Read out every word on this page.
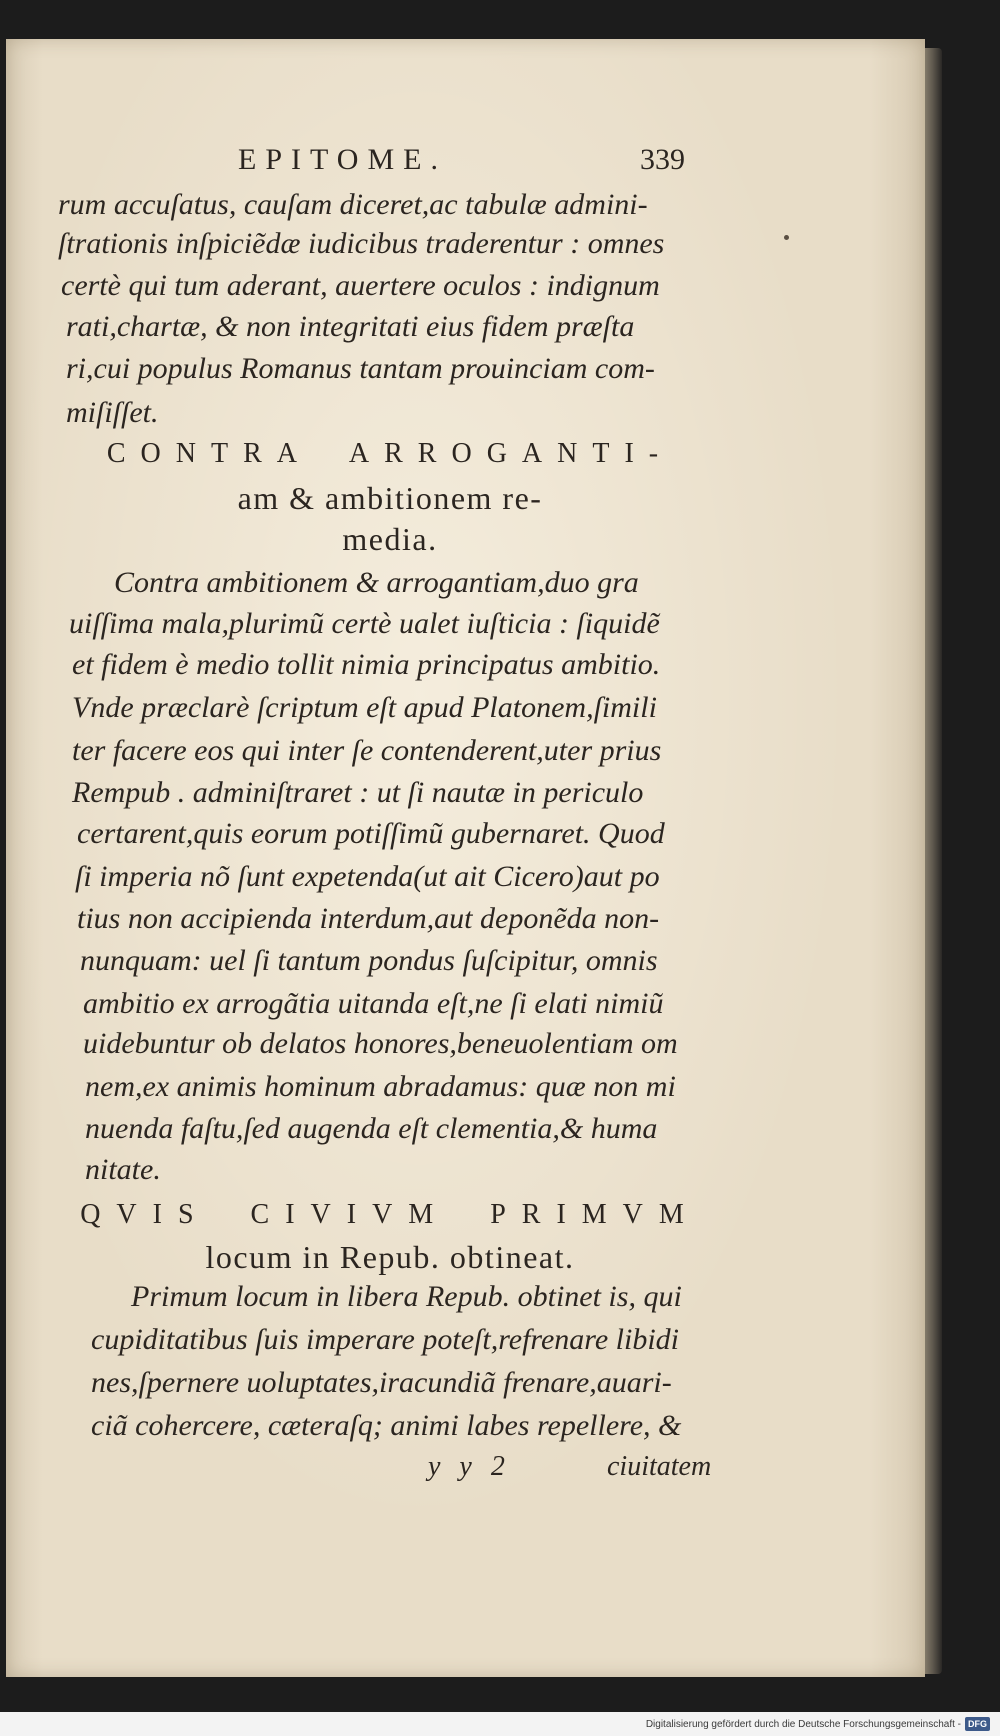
EPITOME.	339
rum accuſatus, cauſam diceret,ac tabulæ admini-
ſtrationis inſpiciẽdæ iudicibus traderentur : omnes
certè qui tum aderant, auertere oculos : indignum
rati,chartæ, & non integritati eius fidem præſta
ri,cui populus Romanus tantam prouinciam com-
miſiſſet.
CONTRA ARROGANTI-
am & ambitionem re-
media.
Contra ambitionem & arrogantiam,duo gra
uiſſima mala,plurimũ certè ualet iuſticia : ſiquidẽ
et fidem è medio tollit nimia principatus ambitio.
Vnde præclarè ſcriptum eſt apud Platonem,ſimili
ter facere eos qui inter ſe contenderent,uter prius
Rempub . adminiſtraret : ut ſi nautæ in periculo
certarent,quis eorum potiſſimũ gubernaret. Quod
ſi imperia nõ ſunt expetenda(ut ait Cicero)aut po
tius non accipienda interdum,aut deponẽda non-
nunquam: uel ſi tantum pondus ſuſcipitur, omnis
ambitio ex arrogãtia uitanda eſt,ne ſi elati nimiũ
uidebuntur ob delatos honores,beneuolentiam om
nem,ex animis hominum abradamus: quæ non mi
nuenda faſtu,ſed augenda eſt clementia,& huma
nitate.
QVIS CIVIVM PRIMVM
locum in Repub. obtineat.
Primum locum in libera Repub. obtinet is, qui
cupiditatibus ſuis imperare poteſt,refrenare libidi
nes,ſpernere uoluptates,iracundiã frenare,auari-
ciã cohercere, cæteraſq; animi labes repellere, &
y y 2	ciuitatem
Digitalisierung gefördert durch die Deutsche Forschungsgemeinschaft - DFG
